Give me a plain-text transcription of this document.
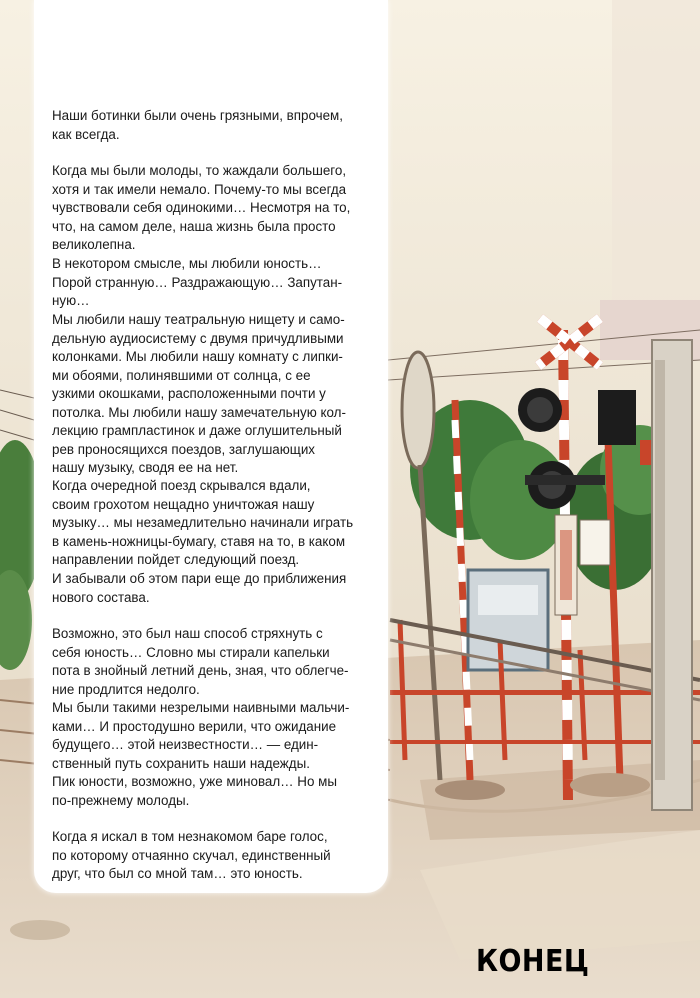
Наши ботинки были очень грязными, впрочем,
как всегда.

Когда мы были молоды, то жаждали большего,
хотя и так имели немало. Почему-то мы всегда
чувствовали себя одинокими… Несмотря на то,
что, на самом деле, наша жизнь была просто
великолепна.

В некотором смысле, мы любили юность…
Порой странную… Раздражающую… Запутан-
ную…

Мы любили нашу театральную нищету и само-
дельную аудиосистему с двумя причудливыми
колонками. Мы любили нашу комнату с липки-
ми обоями, полинявшими от солнца, с ее
узкими окошками, расположенными почти у
потолка. Мы любили нашу замечательную кол-
лекцию грампластинок и даже оглушительный
рев проносящихся поездов, заглушающих
нашу музыку, сводя ее на нет.

Когда очередной поезд скрывался вдали,
своим грохотом нещадно уничтожая нашу
музыку… мы незамедлительно начинали играть
в камень-ножницы-бумагу, ставя на то, в каком
направлении пойдет следующий поезд.

И забывали об этом пари еще до приближения
нового состава.

Возможно, это был наш способ стряхнуть с
себя юность… Словно мы стирали капельки
пота в знойный летний день, зная, что облегче-
ние продлится недолго.

Мы были такими незрелыми наивными мальчи-
ками… И простодушно верили, что ожидание
будущего… этой неизвестности… — един-
ственный путь сохранить наши надежды.

Пик юности, возможно, уже миновал… Но мы
по-прежнему молоды.

Когда я искал в том незнакомом баре голос,
по которому отчаянно скучал, единственный
друг, что был со мной там… это юность.

КОНЕЦ
